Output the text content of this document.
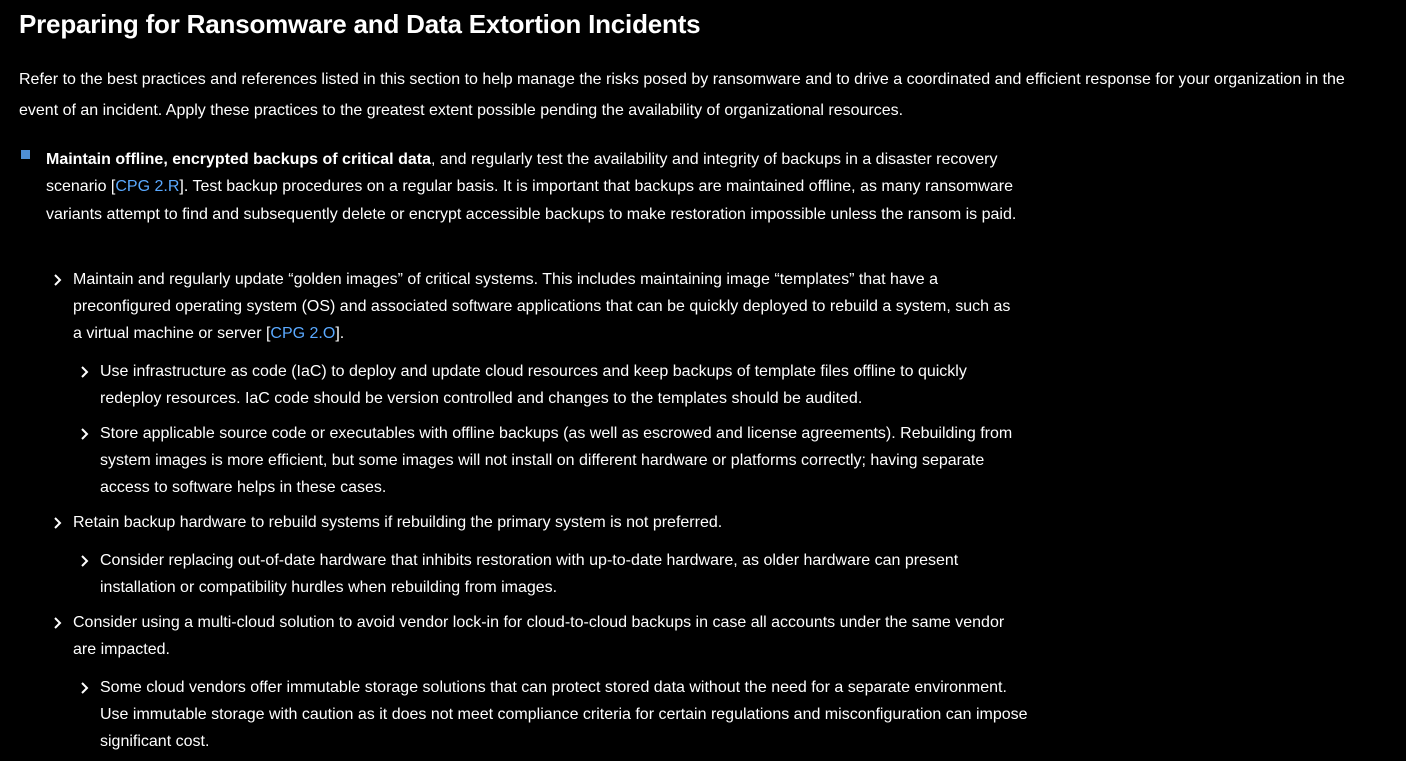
Preparing for Ransomware and Data Extortion Incidents

Refer to the best practices and references listed in this section to help manage the risks posed by ransomware and to drive a coordinated and efficient response for your organization in the event of an incident. Apply these practices to the greatest extent possible pending the availability of organizational resources.

Maintain offline, encrypted backups of critical data, and regularly test the availability and integrity of backups in a disaster recovery scenario [CPG 2.R]. Test backup procedures on a regular basis. It is important that backups are maintained offline, as many ransomware variants attempt to find and subsequently delete or encrypt accessible backups to make restoration impossible unless the ransom is paid.

Maintain and regularly update “golden images” of critical systems. This includes maintaining image “templates” that have a preconfigured operating system (OS) and associated software applications that can be quickly deployed to rebuild a system, such as a virtual machine or server [CPG 2.O].

Use infrastructure as code (IaC) to deploy and update cloud resources and keep backups of template files offline to quickly redeploy resources. IaC code should be version controlled and changes to the templates should be audited.

Store applicable source code or executables with offline backups (as well as escrowed and license agreements). Rebuilding from system images is more efficient, but some images will not install on different hardware or platforms correctly; having separate access to software helps in these cases.

Retain backup hardware to rebuild systems if rebuilding the primary system is not preferred.

Consider replacing out-of-date hardware that inhibits restoration with up-to-date hardware, as older hardware can present installation or compatibility hurdles when rebuilding from images.

Consider using a multi-cloud solution to avoid vendor lock-in for cloud-to-cloud backups in case all accounts under the same vendor are impacted.

Some cloud vendors offer immutable storage solutions that can protect stored data without the need for a separate environment. Use immutable storage with caution as it does not meet compliance criteria for certain regulations and misconfiguration can impose significant cost.
